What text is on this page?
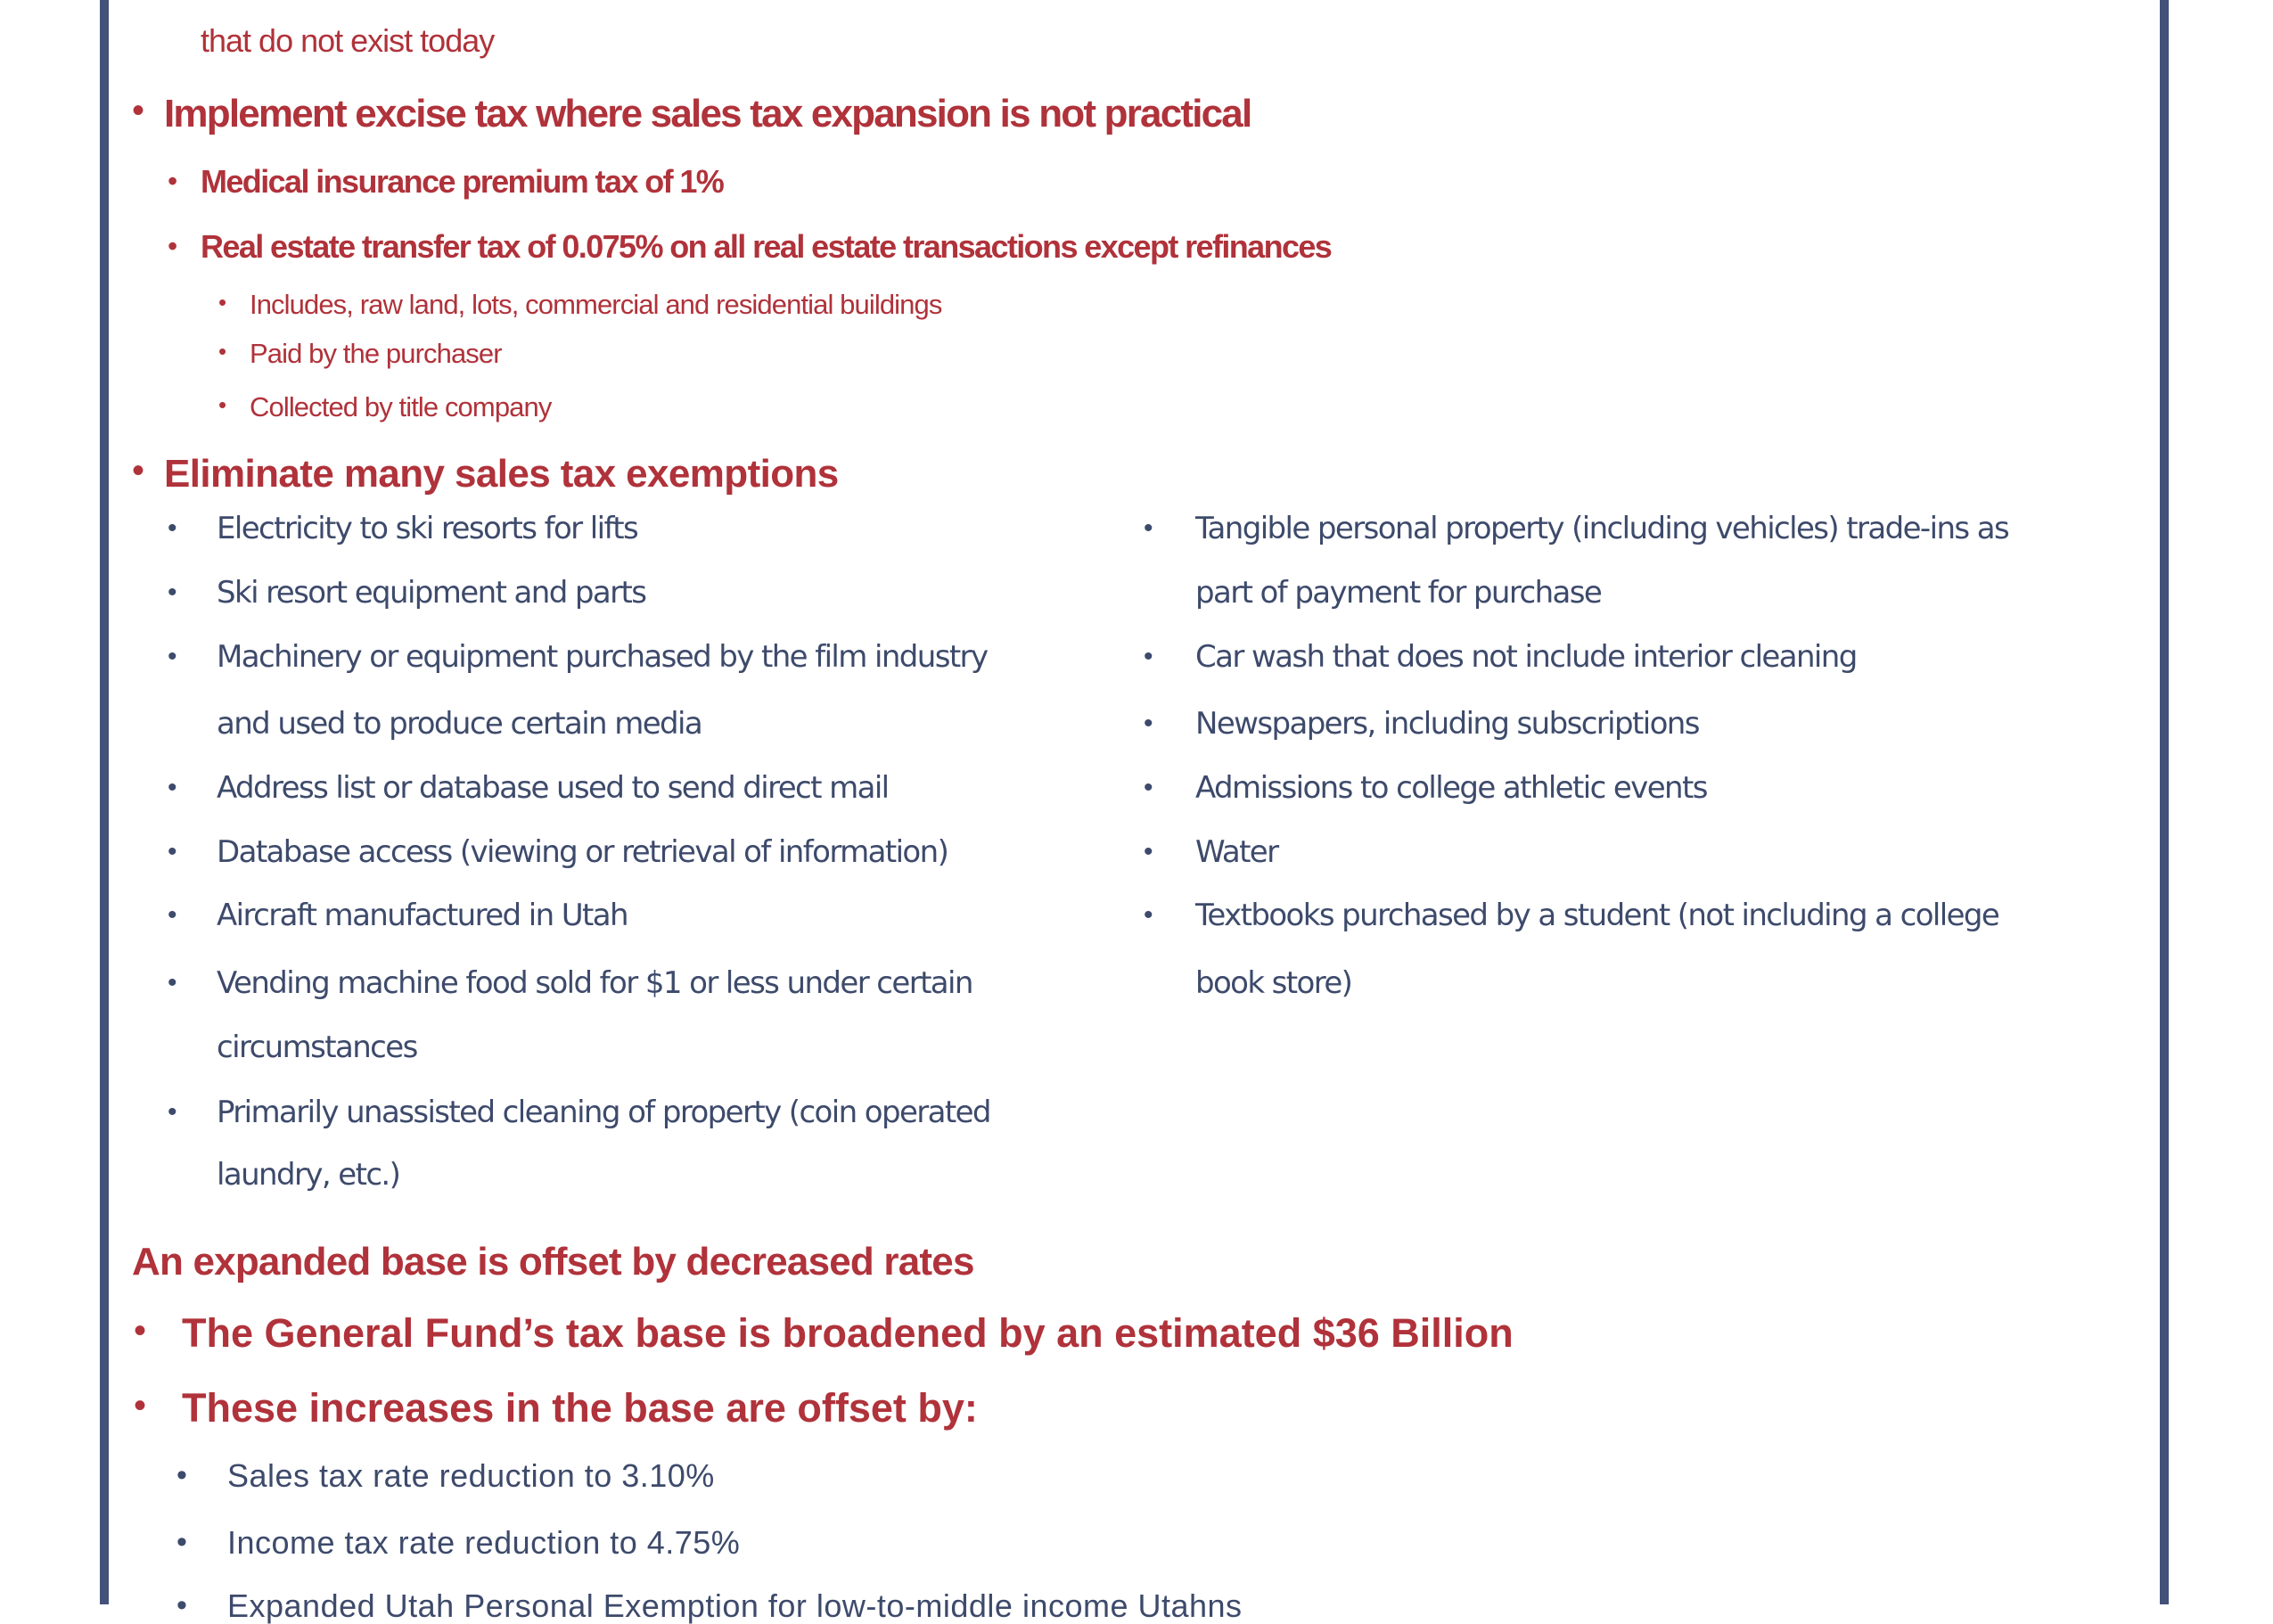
that do not exist today
• Implement excise tax where sales tax expansion is not practical
• Medical insurance premium tax of 1%
• Real estate transfer tax of 0.075% on all real estate transactions except refinances
• Includes, raw land, lots, commercial and residential buildings
• Paid by the purchaser
• Collected by title company
• Eliminate many sales tax exemptions
• Electricity to ski resorts for lifts
• Ski resort equipment and parts
• Machinery or equipment purchased by the film industry
and used to produce certain media
• Address list or database used to send direct mail
• Database access (viewing or retrieval of information)
• Aircraft manufactured in Utah
• Vending machine food sold for $1 or less under certain
circumstances
• Primarily unassisted cleaning of property (coin operated
laundry, etc.)
• Tangible personal property (including vehicles) trade-ins as
part of payment for purchase
• Car wash that does not include interior cleaning
• Newspapers, including subscriptions
• Admissions to college athletic events
• Water
• Textbooks purchased by a student (not including a college
book store)
An expanded base is offset by decreased rates
• The General Fund’s tax base is broadened by an estimated $36 Billion
• These increases in the base are offset by:
• Sales tax rate reduction to 3.10%
• Income tax rate reduction to 4.75%
• Expanded Utah Personal Exemption for low-to-middle income Utahns
